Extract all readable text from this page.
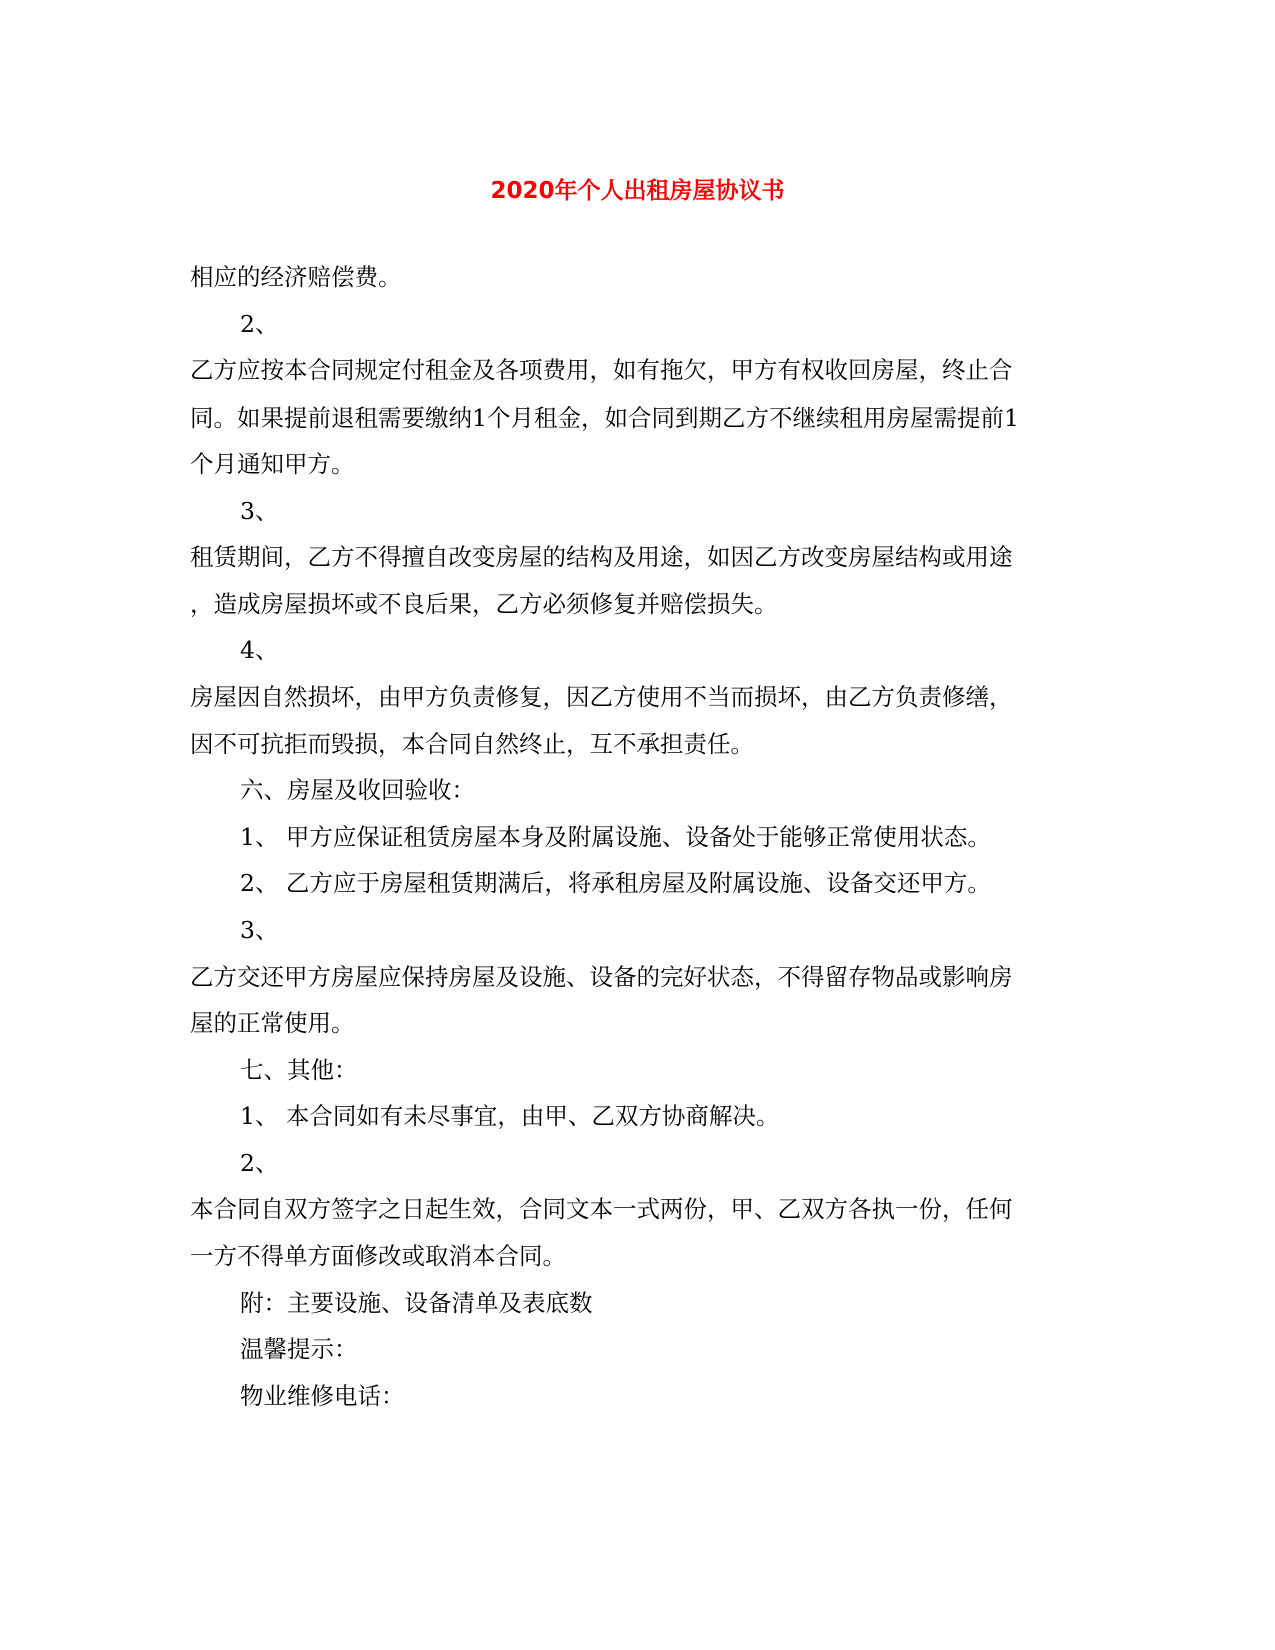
2020年个人出租房屋协议书
相应的经济赔偿费。
2、
乙方应按本合同规定付租金及各项费用，如有拖欠，甲方有权收回房屋，终止合
同。如果提前退租需要缴纳1个月租金，如合同到期乙方不继续租用房屋需提前1
个月通知甲方。
3、
租赁期间，乙方不得擅自改变房屋的结构及用途，如因乙方改变房屋结构或用途
，造成房屋损坏或不良后果，乙方必须修复并赔偿损失。
4、
房屋因自然损坏，由甲方负责修复，因乙方使用不当而损坏，由乙方负责修缮，
因不可抗拒而毁损，本合同自然终止，互不承担责任。
六、房屋及收回验收：
1、 甲方应保证租赁房屋本身及附属设施、设备处于能够正常使用状态。
2、 乙方应于房屋租赁期满后，将承租房屋及附属设施、设备交还甲方。
3、
乙方交还甲方房屋应保持房屋及设施、设备的完好状态，不得留存物品或影响房
屋的正常使用。
七、其他：
1、 本合同如有未尽事宜，由甲、乙双方协商解决。
2、
本合同自双方签字之日起生效，合同文本一式两份，甲、乙双方各执一份，任何
一方不得单方面修改或取消本合同。
附：主要设施、设备清单及表底数
温馨提示：
物业维修电话：
